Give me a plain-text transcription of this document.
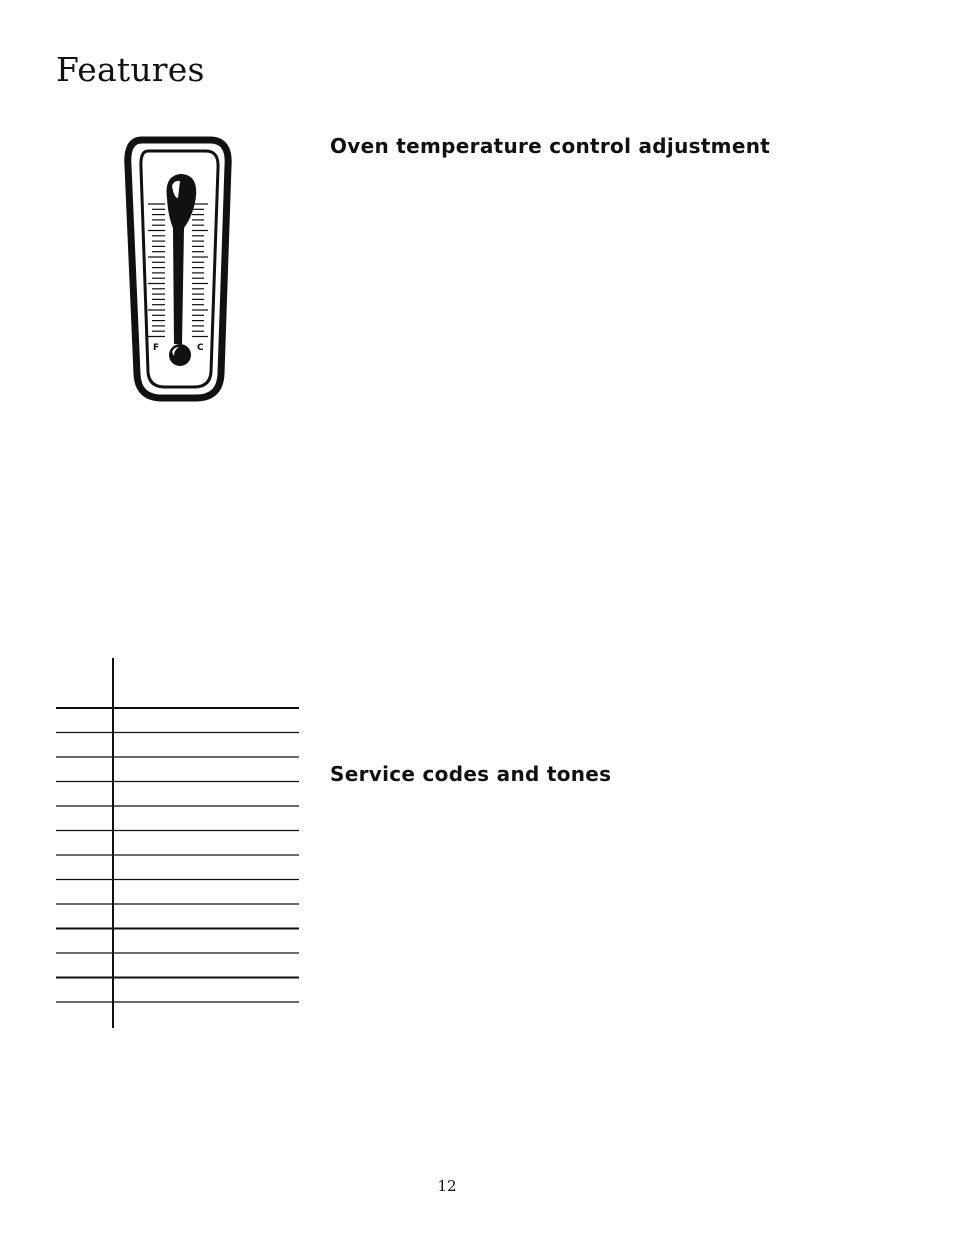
Features
Oven temperature control adjustment
F	C
Service codes and tones
12
